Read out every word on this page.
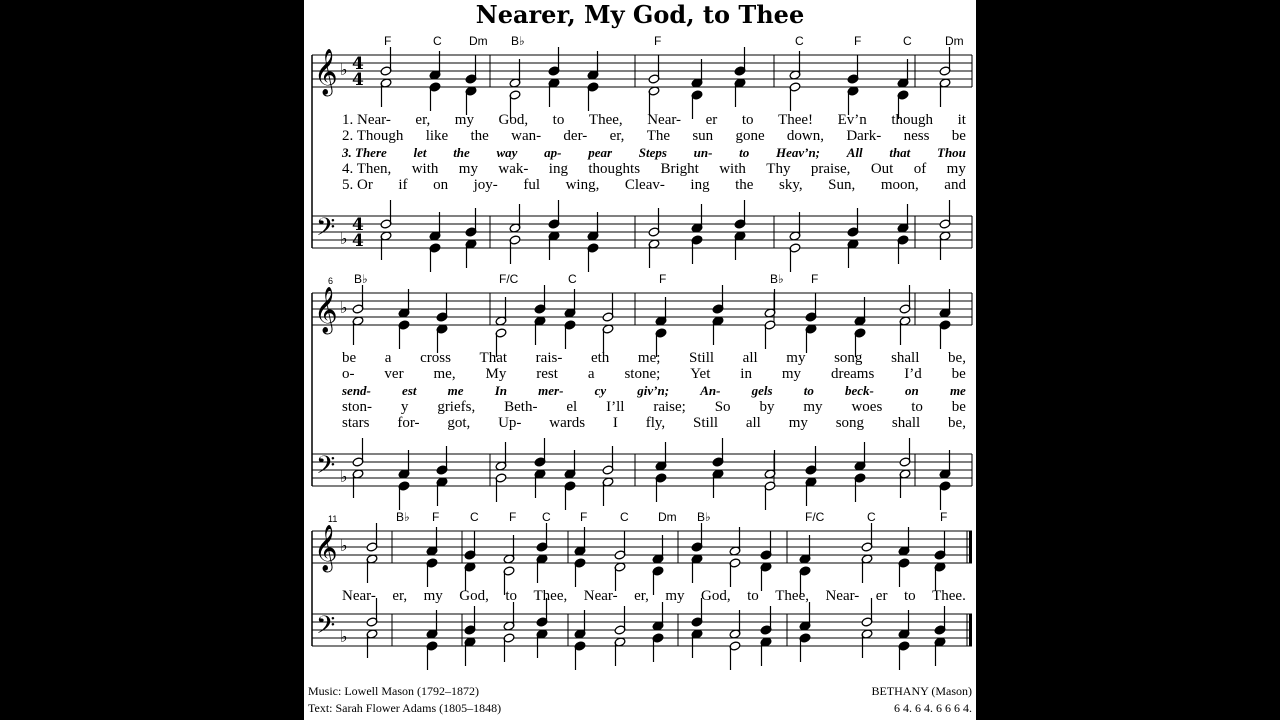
Nearer, My God, to Thee
𝄞
𝄢
♭
♭
4
4
4
4
𝄞
𝄢
♭
♭
𝄞
𝄢
♭
♭
F	C Dm B♭	F	C	F	C	Dm
1. Near- er, my God, to Thee, Near- er to Thee! Ev’n though it
2. Though like the wan- der- er, The sun gone down, Dark- ness be
3. There let the way ap- pear Steps un- to Heav’n; All that Thou
4. Then, with my wak- ing thoughts Bright with Thy praise, Out of my
5. Or if on joy- ful wing, Cleav- ing the sky, Sun, moon, and
B♭	F/C	C	F	B♭ F
6
be a cross That rais- eth me; Still all my song shall be,
o- ver me, My rest a stone; Yet in my dreams I’d be
send- est me In mer- cy giv’n; An- gels to beck- on me
ston- y griefs, Beth- el I’ll raise; So by my woes to be
stars for- got, Up- wards I fly, Still all my song shall be,
B♭ F	C	F C F	C Dm B♭	F/C	C	F
11
Near- er, my God, to Thee, Near- er, my God, to Thee, Near- er to Thee.
Music: Lowell Mason (1792–1872)
Text: Sarah Flower Adams (1805–1848)
BETHANY (Mason)
6 4. 6 4. 6 6 6 4.
